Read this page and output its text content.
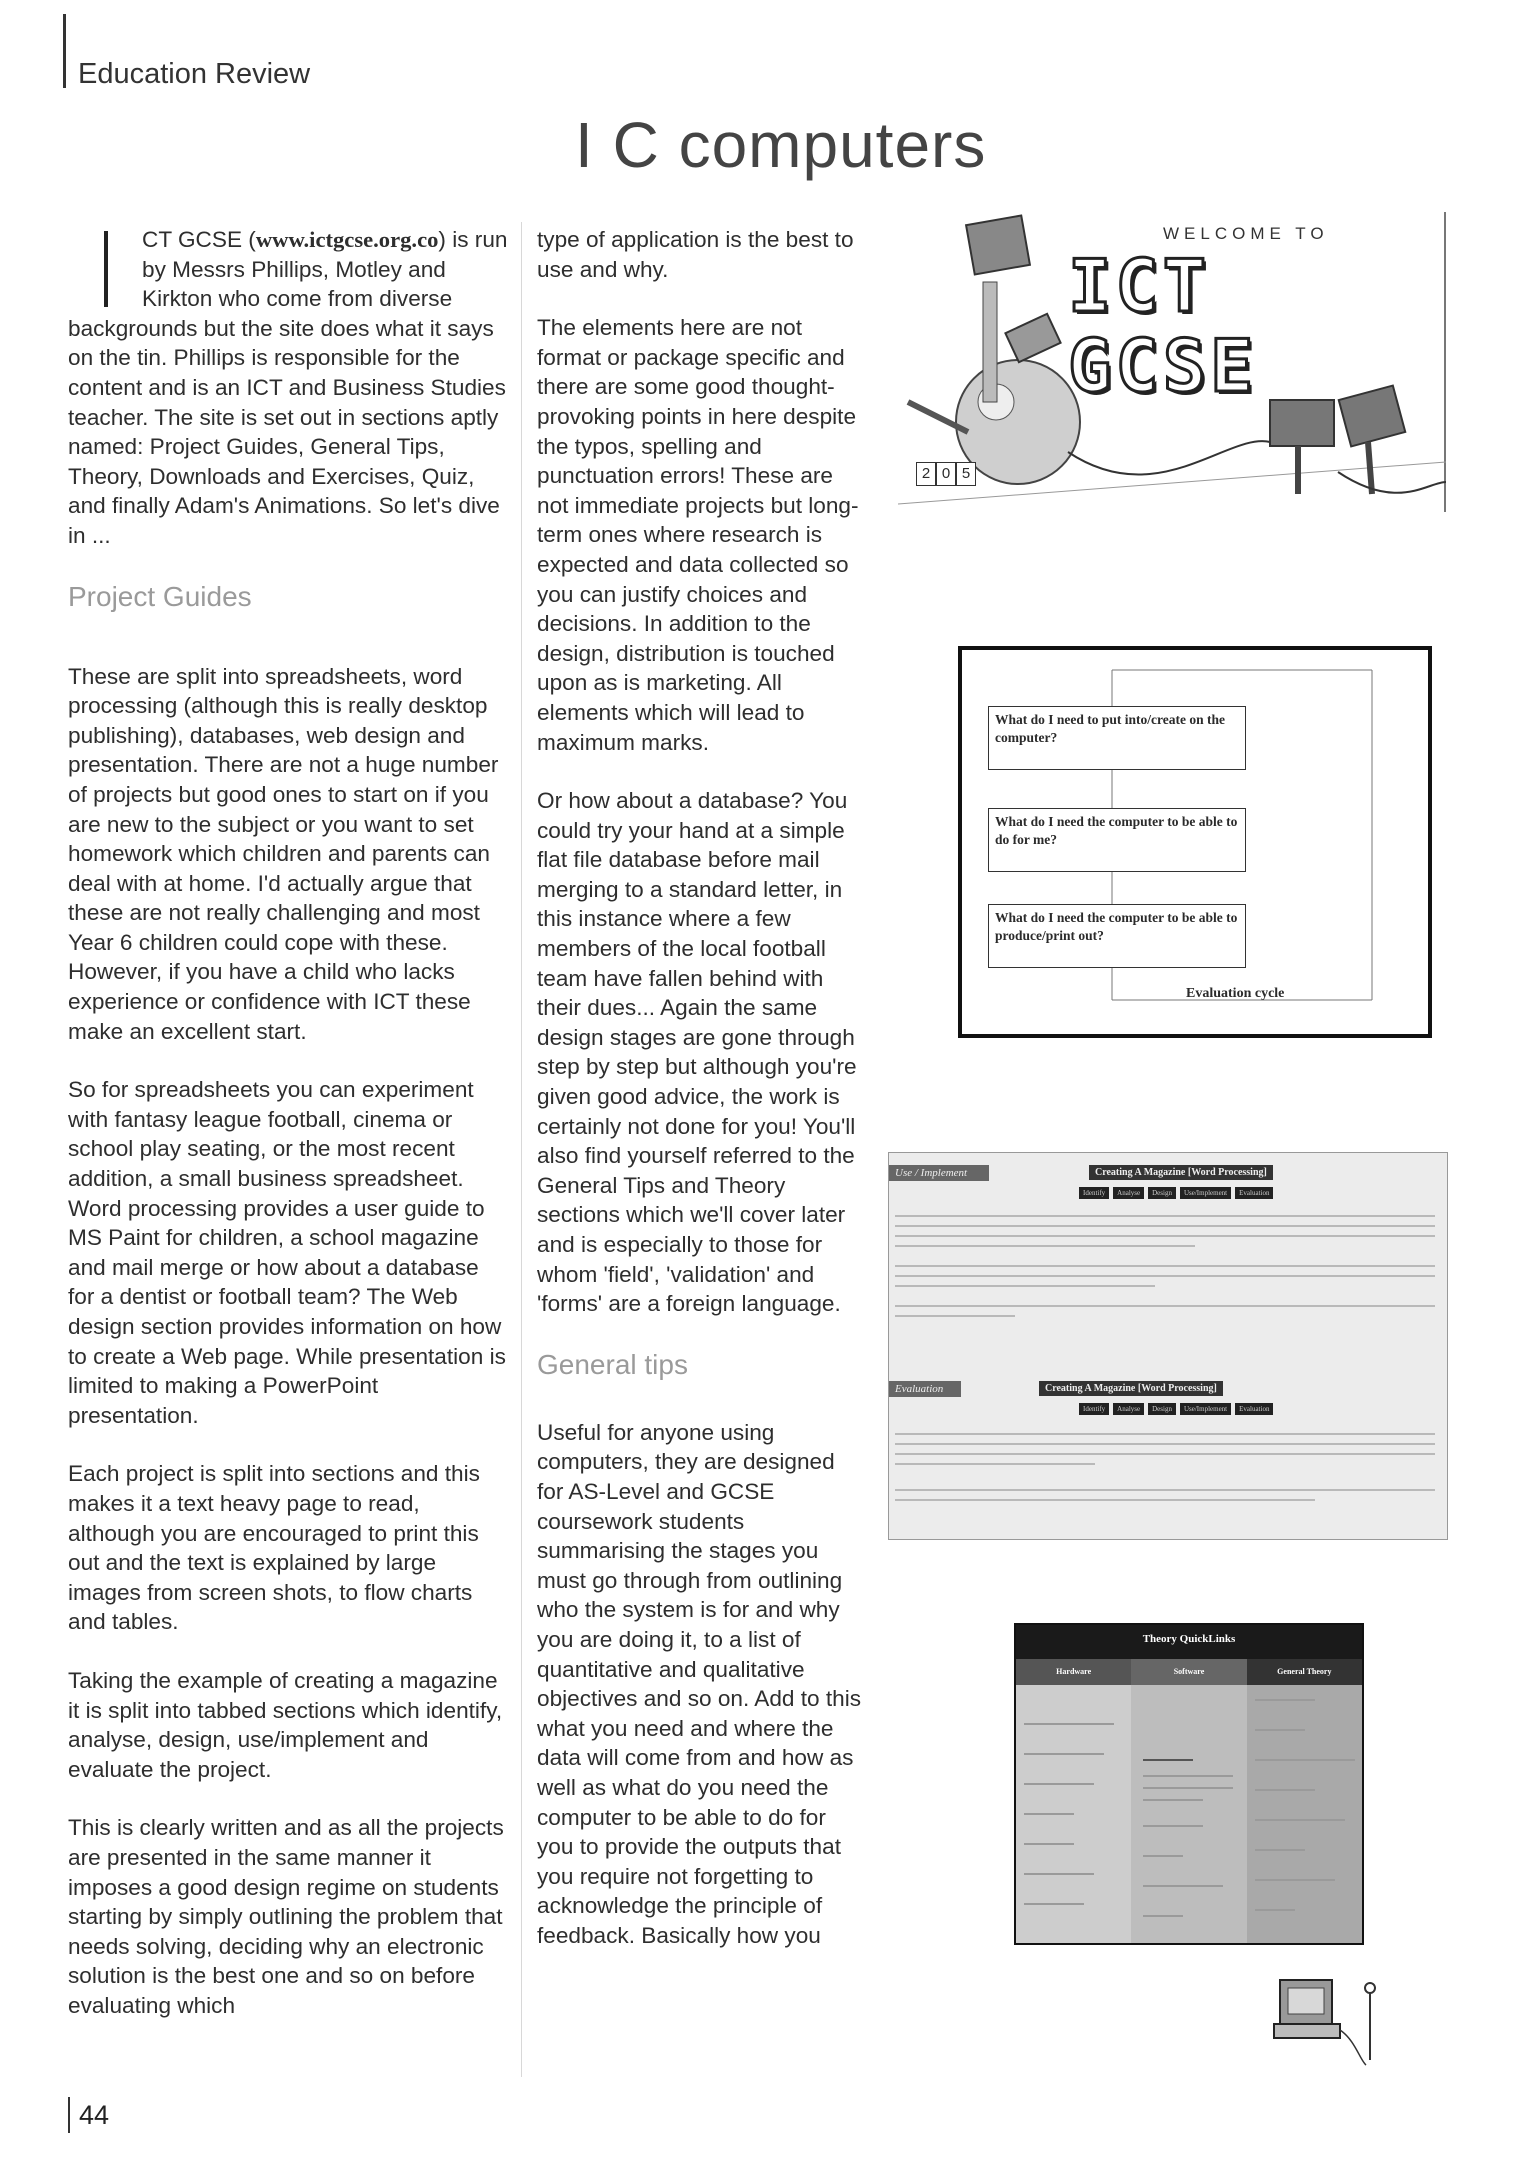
Education Review
I C computers

CT GCSE (www.ictgcse.org.co) is run by Messrs Phillips, Motley and Kirkton who come from diverse backgrounds but the site does what it says on the tin. Phillips is responsible for the content and is an ICT and Business Studies teacher. The site is set out in sections aptly named: Project Guides, General Tips, Theory, Downloads and Exercises, Quiz, and finally Adam's Animations. So let's dive in ...

Project Guides

These are split into spreadsheets, word processing (although this is really desktop publishing), databases, web design and presentation. There are not a huge number of projects but good ones to start on if you are new to the subject or you want to set homework which children and parents can deal with at home. I'd actually argue that these are not really challenging and most Year 6 children could cope with these. However, if you have a child who lacks experience or confidence with ICT these make an excellent start.

So for spreadsheets you can experiment with fantasy league football, cinema or school play seating, or the most recent addition, a small business spreadsheet. Word processing provides a user guide to MS Paint for children, a school magazine and mail merge or how about a database for a dentist or football team? The Web design section provides information on how to create a Web page. While presentation is limited to making a PowerPoint presentation.

Each project is split into sections and this makes it a text heavy page to read, although you are encouraged to print this out and the text is explained by large images from screen shots, to flow charts and tables.

Taking the example of creating a magazine it is split into tabbed sections which identify, analyse, design, use/implement and evaluate the project.

This is clearly written and as all the projects are presented in the same manner it imposes a good design regime on students starting by simply outlining the problem that needs solving, deciding why an electronic solution is the best one and so on before evaluating which

type of application is the best to use and why.

The elements here are not format or package specific and there are some good thought-provoking points in here despite the typos, spelling and punctuation errors! These are not immediate projects but long-term ones where research is expected and data collected so you can justify choices and decisions. In addition to the design, distribution is touched upon as is marketing. All elements which will lead to maximum marks.

Or how about a database? You could try your hand at a simple flat file database before mail merging to a standard letter, in this instance where a few members of the local football team have fallen behind with their dues... Again the same design stages are gone through step by step but although you're given good advice, the work is certainly not done for you! You'll also find yourself referred to the General Tips and Theory sections which we'll cover later and is especially to those for whom 'field', 'validation' and 'forms' are a foreign language.

General tips

Useful for anyone using computers, they are designed for AS-Level and GCSE coursework students summarising the stages you must go through from outlining who the system is for and why you are doing it, to a list of quantitative and qualitative objectives and so on. Add to this what you need and where the data will come from and how as well as what do you need the computer to be able to do for you to provide the outputs that you require not forgetting to acknowledge the principle of feedback. Basically how you

WELCOME TO
ICT GCSE
2 0 5
What do I need to put into/create on the computer?
What do I need the computer to be able to do for me?
What do I need the computer to be able to produce/print out?
Evaluation cycle
Use / Implement	Creating A Magazine [Word Processing]
Identify	Analyse	Design	Use/Implement	Evaluation
Evaluation	Creating A Magazine [Word Processing]
Identify	Analyse	Design	Use/Implement	Evaluation
Theory QuickLinks
Hardware	Software	General Theory
44
